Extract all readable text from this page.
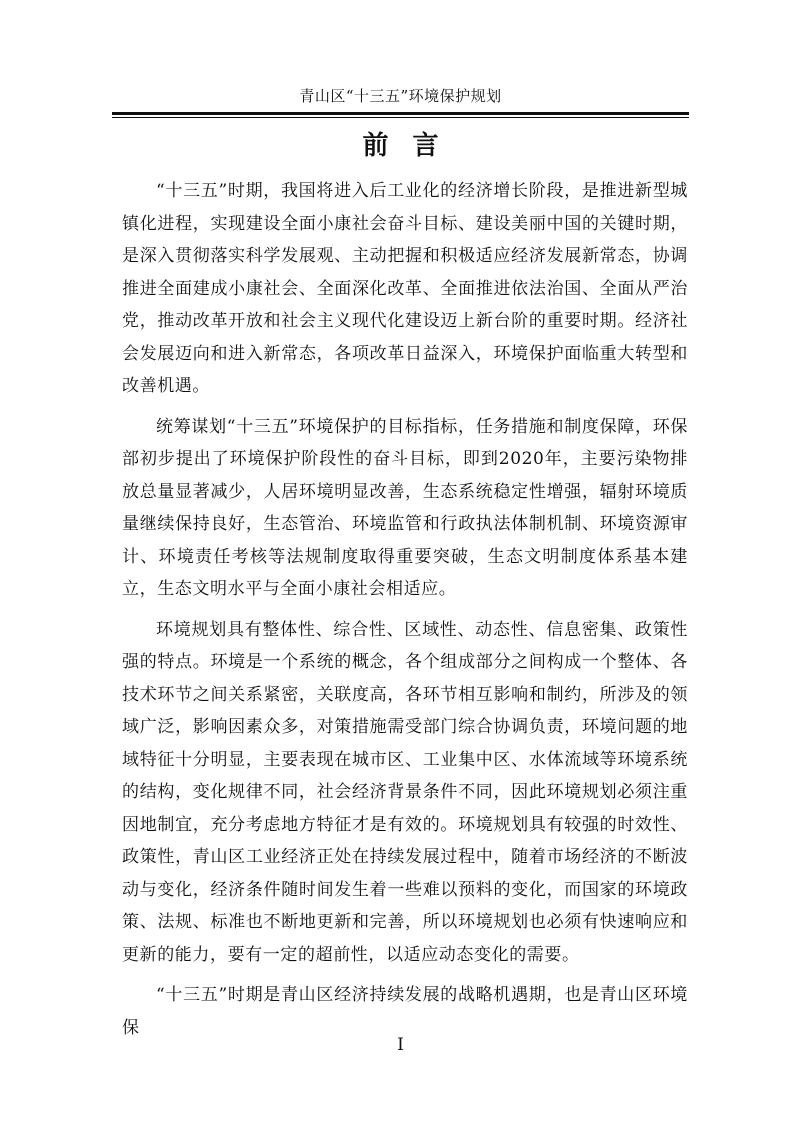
青山区“十三五”环境保护规划
前言

“十三五”时期，我国将进入后工业化的经济增长阶段，是推进新型城镇化进程，实现建设全面小康社会奋斗目标、建设美丽中国的关键时期，是深入贯彻落实科学发展观、主动把握和积极适应经济发展新常态，协调推进全面建成小康社会、全面深化改革、全面推进依法治国、全面从严治党，推动改革开放和社会主义现代化建设迈上新台阶的重要时期。经济社会发展迈向和进入新常态，各项改革日益深入，环境保护面临重大转型和改善机遇。

统筹谋划“十三五”环境保护的目标指标，任务措施和制度保障，环保部初步提出了环境保护阶段性的奋斗目标，即到2020年，主要污染物排放总量显著减少，人居环境明显改善，生态系统稳定性增强，辐射环境质量继续保持良好，生态管治、环境监管和行政执法体制机制、环境资源审计、环境责任考核等法规制度取得重要突破，生态文明制度体系基本建立，生态文明水平与全面小康社会相适应。

环境规划具有整体性、综合性、区域性、动态性、信息密集、政策性强的特点。环境是一个系统的概念，各个组成部分之间构成一个整体、各技术环节之间关系紧密，关联度高，各环节相互影响和制约，所涉及的领域广泛，影响因素众多，对策措施需受部门综合协调负责，环境问题的地域特征十分明显，主要表现在城市区、工业集中区、水体流域等环境系统的结构，变化规律不同，社会经济背景条件不同，因此环境规划必须注重因地制宜，充分考虑地方特征才是有效的。环境规划具有较强的时效性、政策性，青山区工业经济正处在持续发展过程中，随着市场经济的不断波动与变化，经济条件随时间发生着一些难以预料的变化，而国家的环境政策、法规、标准也不断地更新和完善，所以环境规划也必须有快速响应和更新的能力，要有一定的超前性，以适应动态变化的需要。

“十三五”时期是青山区经济持续发展的战略机遇期，也是青山区环境保

I
